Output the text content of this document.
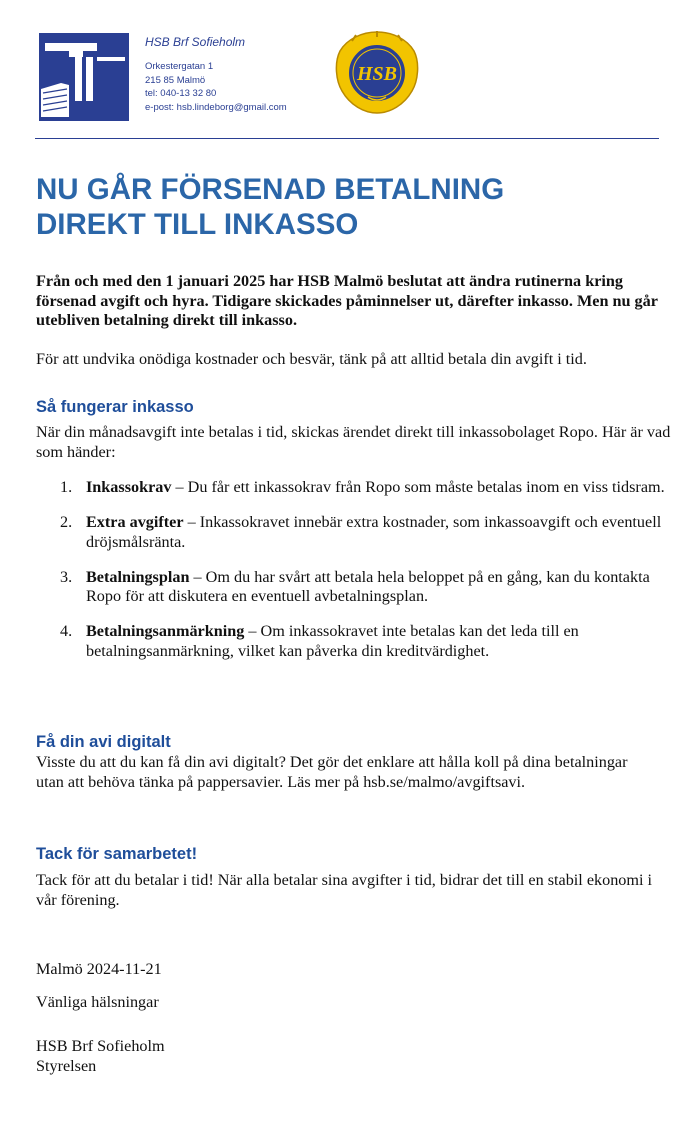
HSB Brf Sofieholm
Orkestergatan 1
215 85 Malmö
tel: 040-13 32 80
e-post: hsb.lindeborg@gmail.com
HSB
NU GÅR FÖRSENAD BETALNING
DIREKT TILL INKASSO

Från och med den 1 januari 2025 har HSB Malmö beslutat att ändra rutinerna kring försenad avgift och hyra. Tidigare skickades påminnelser ut, därefter inkasso. Men nu går utebliven betalning direkt till inkasso.

För att undvika onödiga kostnader och besvär, tänk på att alltid betala din avgift i tid.

Så fungerar inkasso

När din månadsavgift inte betalas i tid, skickas ärendet direkt till inkassobolaget Ropo. Här är vad som händer:

1. Inkassokrav – Du får ett inkassokrav från Ropo som måste betalas inom en viss tidsram.
2. Extra avgifter – Inkassokravet innebär extra kostnader, som inkassoavgift och eventuell dröjsmålsränta.
3. Betalningsplan – Om du har svårt att betala hela beloppet på en gång, kan du kontakta Ropo för att diskutera en eventuell avbetalningsplan.
4. Betalningsanmärkning – Om inkassokravet inte betalas kan det leda till en betalningsanmärkning, vilket kan påverka din kreditvärdighet.
Få din avi digitalt

Visste du att du kan få din avi digitalt? Det gör det enklare att hålla koll på dina betalningar utan att behöva tänka på pappersavier. Läs mer på hsb.se/malmo/avgiftsavi.

Tack för samarbetet!

Tack för att du betalar i tid! När alla betalar sina avgifter i tid, bidrar det till en stabil ekonomi i vår förening.

Malmö 2024-11-21

Vänliga hälsningar

HSB Brf Sofieholm
Styrelsen
